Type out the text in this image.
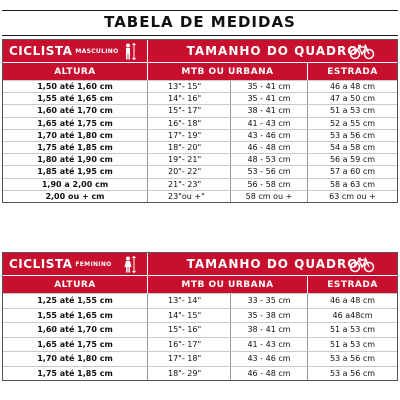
TABELA DE MEDIDAS
CICLISTA MASCULINO	TAMANHO DO QUADRO
ALTURA	MTB OU URBANA	ESTRADA
1,50 até 1,60 cm	13"- 15"	35 - 41 cm	46 a 48 cm
1,55 até 1,65 cm	14"- 16"	35 - 41 cm	47 a 50 cm
1,60 até 1,70 cm	15"- 17"	38 - 41 cm	51 a 53 cm
1,65 até 1,75 cm	16"- 18"	41 - 43 cm	52 a 55 cm
1,70 até 1,80 cm	17"- 19"	43 - 46 cm	53 a 56 cm
1,75 até 1,85 cm	18"- 20"	46 - 48 cm	54 a 58 cm
1,80 até 1,90 cm	19"- 21"	48 - 53 cm	56 a 59 cm
1,85 até 1,95 cm	20"- 22"	53 - 56 cm	57 a 60 cm
1,90 a 2,00 cm	21"- 23"	56 - 58 cm	58 a 63 cm
2,00 ou + cm	23"ou +"	58 cm ou +	63 cm ou +
CICLISTA FEMININO	TAMANHO DO QUADRO
ALTURA	MTB OU URBANA	ESTRADA
1,25 até 1,55 cm	13"- 14"	33 - 35 cm	46 a 48 cm
1,55 até 1,65 cm	14"- 15"	35 - 38 cm	46 a48cm
1,60 até 1,70 cm	15"- 16"	38 - 41 cm	51 a 53 cm
1,65 até 1,75 cm	16"- 17"	41 - 43 cm	51 a 53 cm
1,70 até 1,80 cm	17"- 18"	43 - 46 cm	53 a 56 cm
1,75 até 1,85 cm	18"- 29"	46 - 48 cm	53 a 56 cm
